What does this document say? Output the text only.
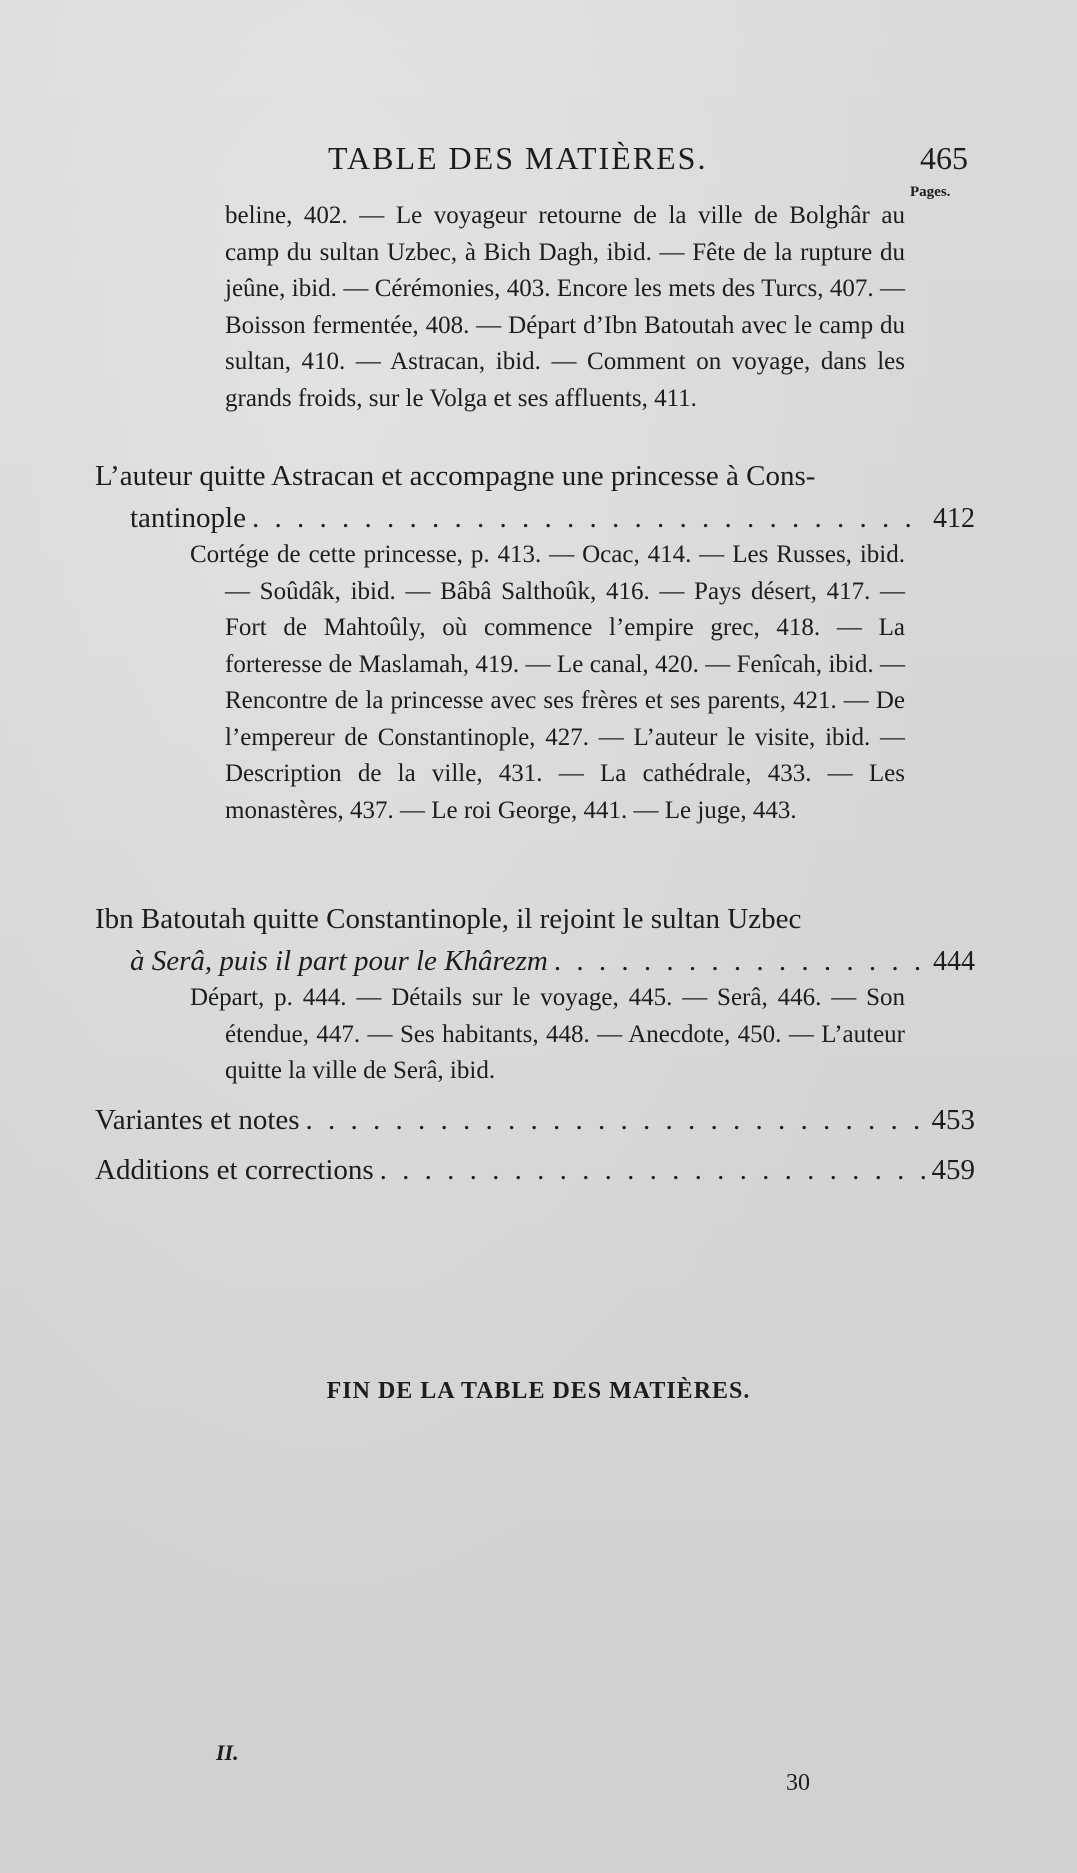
TABLE DES MATIÈRES.	465
Pages.

beline, 402. — Le voyageur retourne de la ville de Bolghâr au camp du sultan Uzbec, à Bich Dagh, ibid. — Fête de la rupture du jeûne, ibid. — Cérémonies, 403. Encore les mets des Turcs, 407. — Boisson fermentée, 408. — Départ d’Ibn Batoutah avec le camp du sultan, 410. — Astracan, ibid. — Comment on voyage, dans les grands froids, sur le Volga et ses affluents, 411.

L’auteur quitte Astracan et accompagne une princesse à Cons-
tantinople . . .	412

Cortége de cette princesse, p. 413. — Ocac, 414. — Les Russes, ibid. — Soûdâk, ibid. — Bâbâ Salthoûk, 416. — Pays désert, 417. — Fort de Mahtoûly, où commence l’empire grec, 418. — La forteresse de Maslamah, 419. — Le canal, 420. — Fenîcah, ibid. — Rencontre de la princesse avec ses frères et ses parents, 421. — De l’empereur de Constantinople, 427. — L’auteur le visite, ibid. — Description de la ville, 431. — La cathédrale, 433. — Les monastères, 437. — Le roi George, 441. — Le juge, 443.

Ibn Batoutah quitte Constantinople, il rejoint le sultan Uzbec
à Serâ, puis il part pour le Khârezm . . .	444

Départ, p. 444. — Détails sur le voyage, 445. — Serâ, 446. — Son étendue, 447. — Ses habitants, 448. — Anecdote, 450. — L’auteur quitte la ville de Serâ, ibid.

Variantes et notes . . .	453
Additions et corrections . . .	459
FIN DE LA TABLE DES MATIÈRES.
II.
30
